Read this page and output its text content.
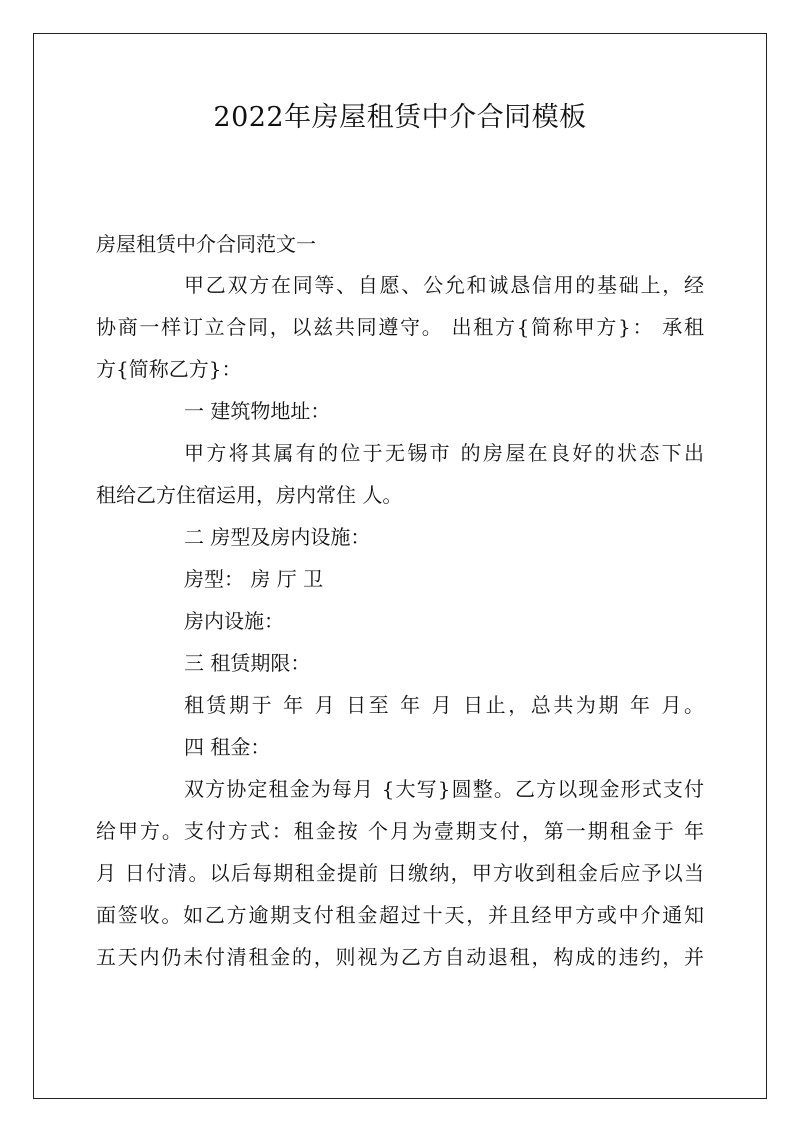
2022年房屋租赁中介合同模板
房屋租赁中介合同范文一
甲乙双方在同等、自愿、公允和诚恳信用的基础上，经
协商一样订立合同，以兹共同遵守。 出租方{简称甲方}： 承租
方{简称乙方}：
一 建筑物地址：
甲方将其属有的位于无锡市 的房屋在良好的状态下出
租给乙方住宿运用，房内常住 人。
二 房型及房内设施：
房型： 房 厅 卫
房内设施：
三 租赁期限：
租赁期于 年 月 日至 年 月 日止，总共为期 年 月。
四 租金：
双方协定租金为每月 {大写}圆整。乙方以现金形式支付
给甲方。支付方式：租金按 个月为壹期支付，第一期租金于 年
月 日付清。以后每期租金提前 日缴纳，甲方收到租金后应予以当
面签收。如乙方逾期支付租金超过十天，并且经甲方或中介通知
五天内仍未付清租金的，则视为乙方自动退租，构成的违约，并
